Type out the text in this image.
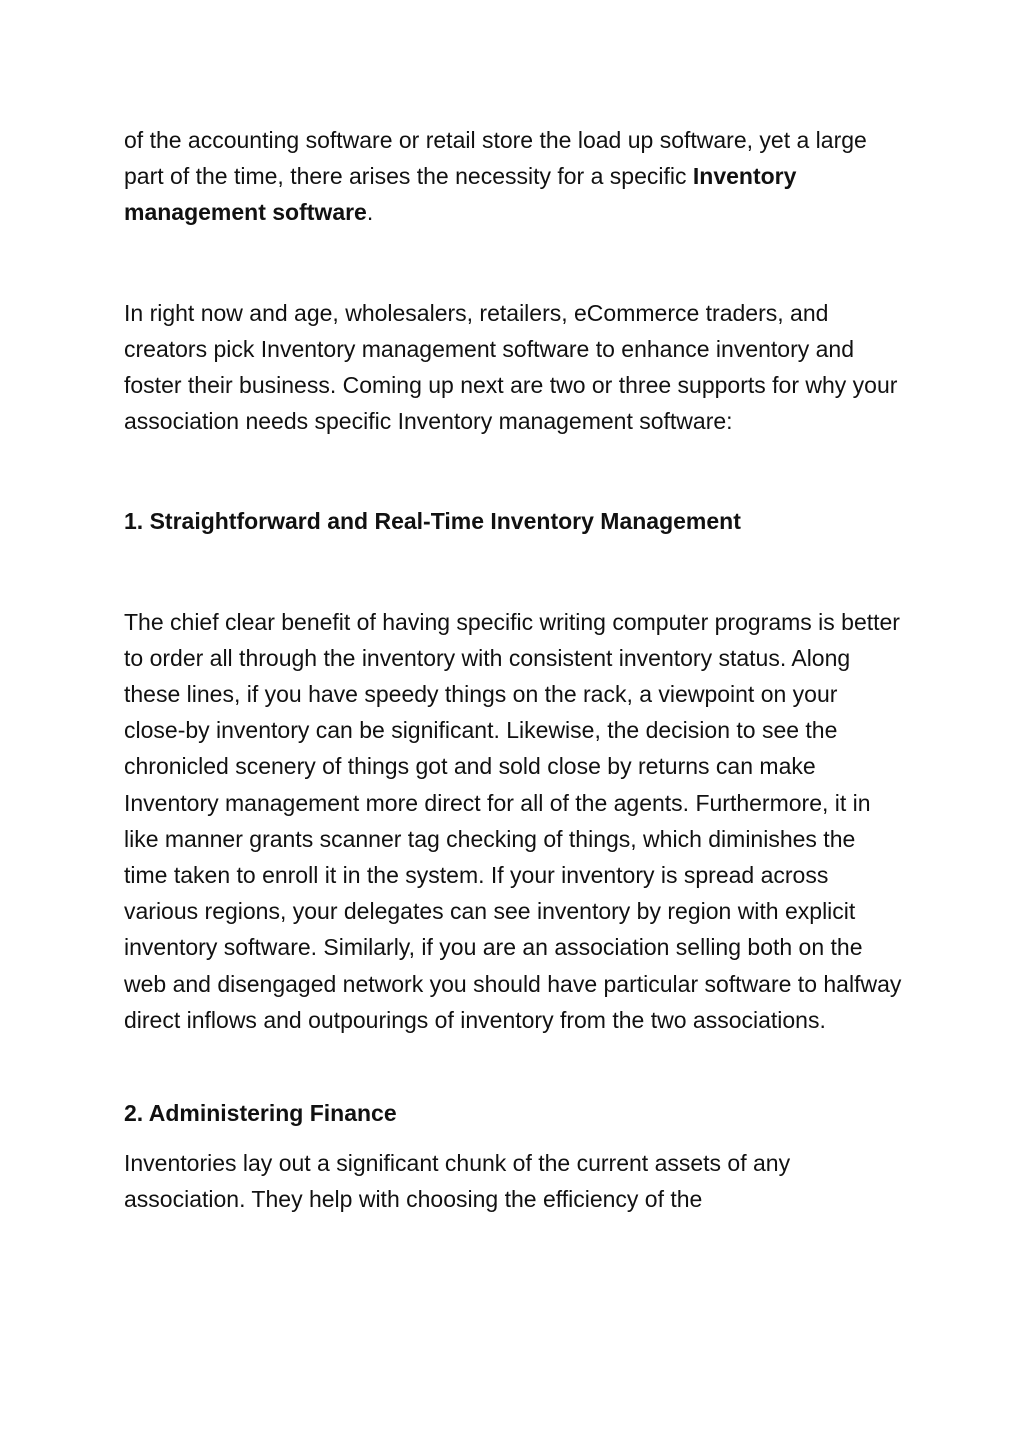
of the accounting software or retail store the load up software, yet a large part of the time, there arises the necessity for a specific Inventory management software.

In right now and age, wholesalers, retailers, eCommerce traders, and creators pick Inventory management software to enhance inventory and foster their business. Coming up next are two or three supports for why your association needs specific Inventory management software:

1. Straightforward and Real-Time Inventory Management

The chief clear benefit of having specific writing computer programs is better to order all through the inventory with consistent inventory status. Along these lines, if you have speedy things on the rack, a viewpoint on your close-by inventory can be significant. Likewise, the decision to see the chronicled scenery of things got and sold close by returns can make Inventory management more direct for all of the agents. Furthermore, it in like manner grants scanner tag checking of things, which diminishes the time taken to enroll it in the system. If your inventory is spread across various regions, your delegates can see inventory by region with explicit inventory software. Similarly, if you are an association selling both on the web and disengaged network you should have particular software to halfway direct inflows and outpourings of inventory from the two associations.

2. Administering Finance

Inventories lay out a significant chunk of the current assets of any association. They help with choosing the efficiency of the
